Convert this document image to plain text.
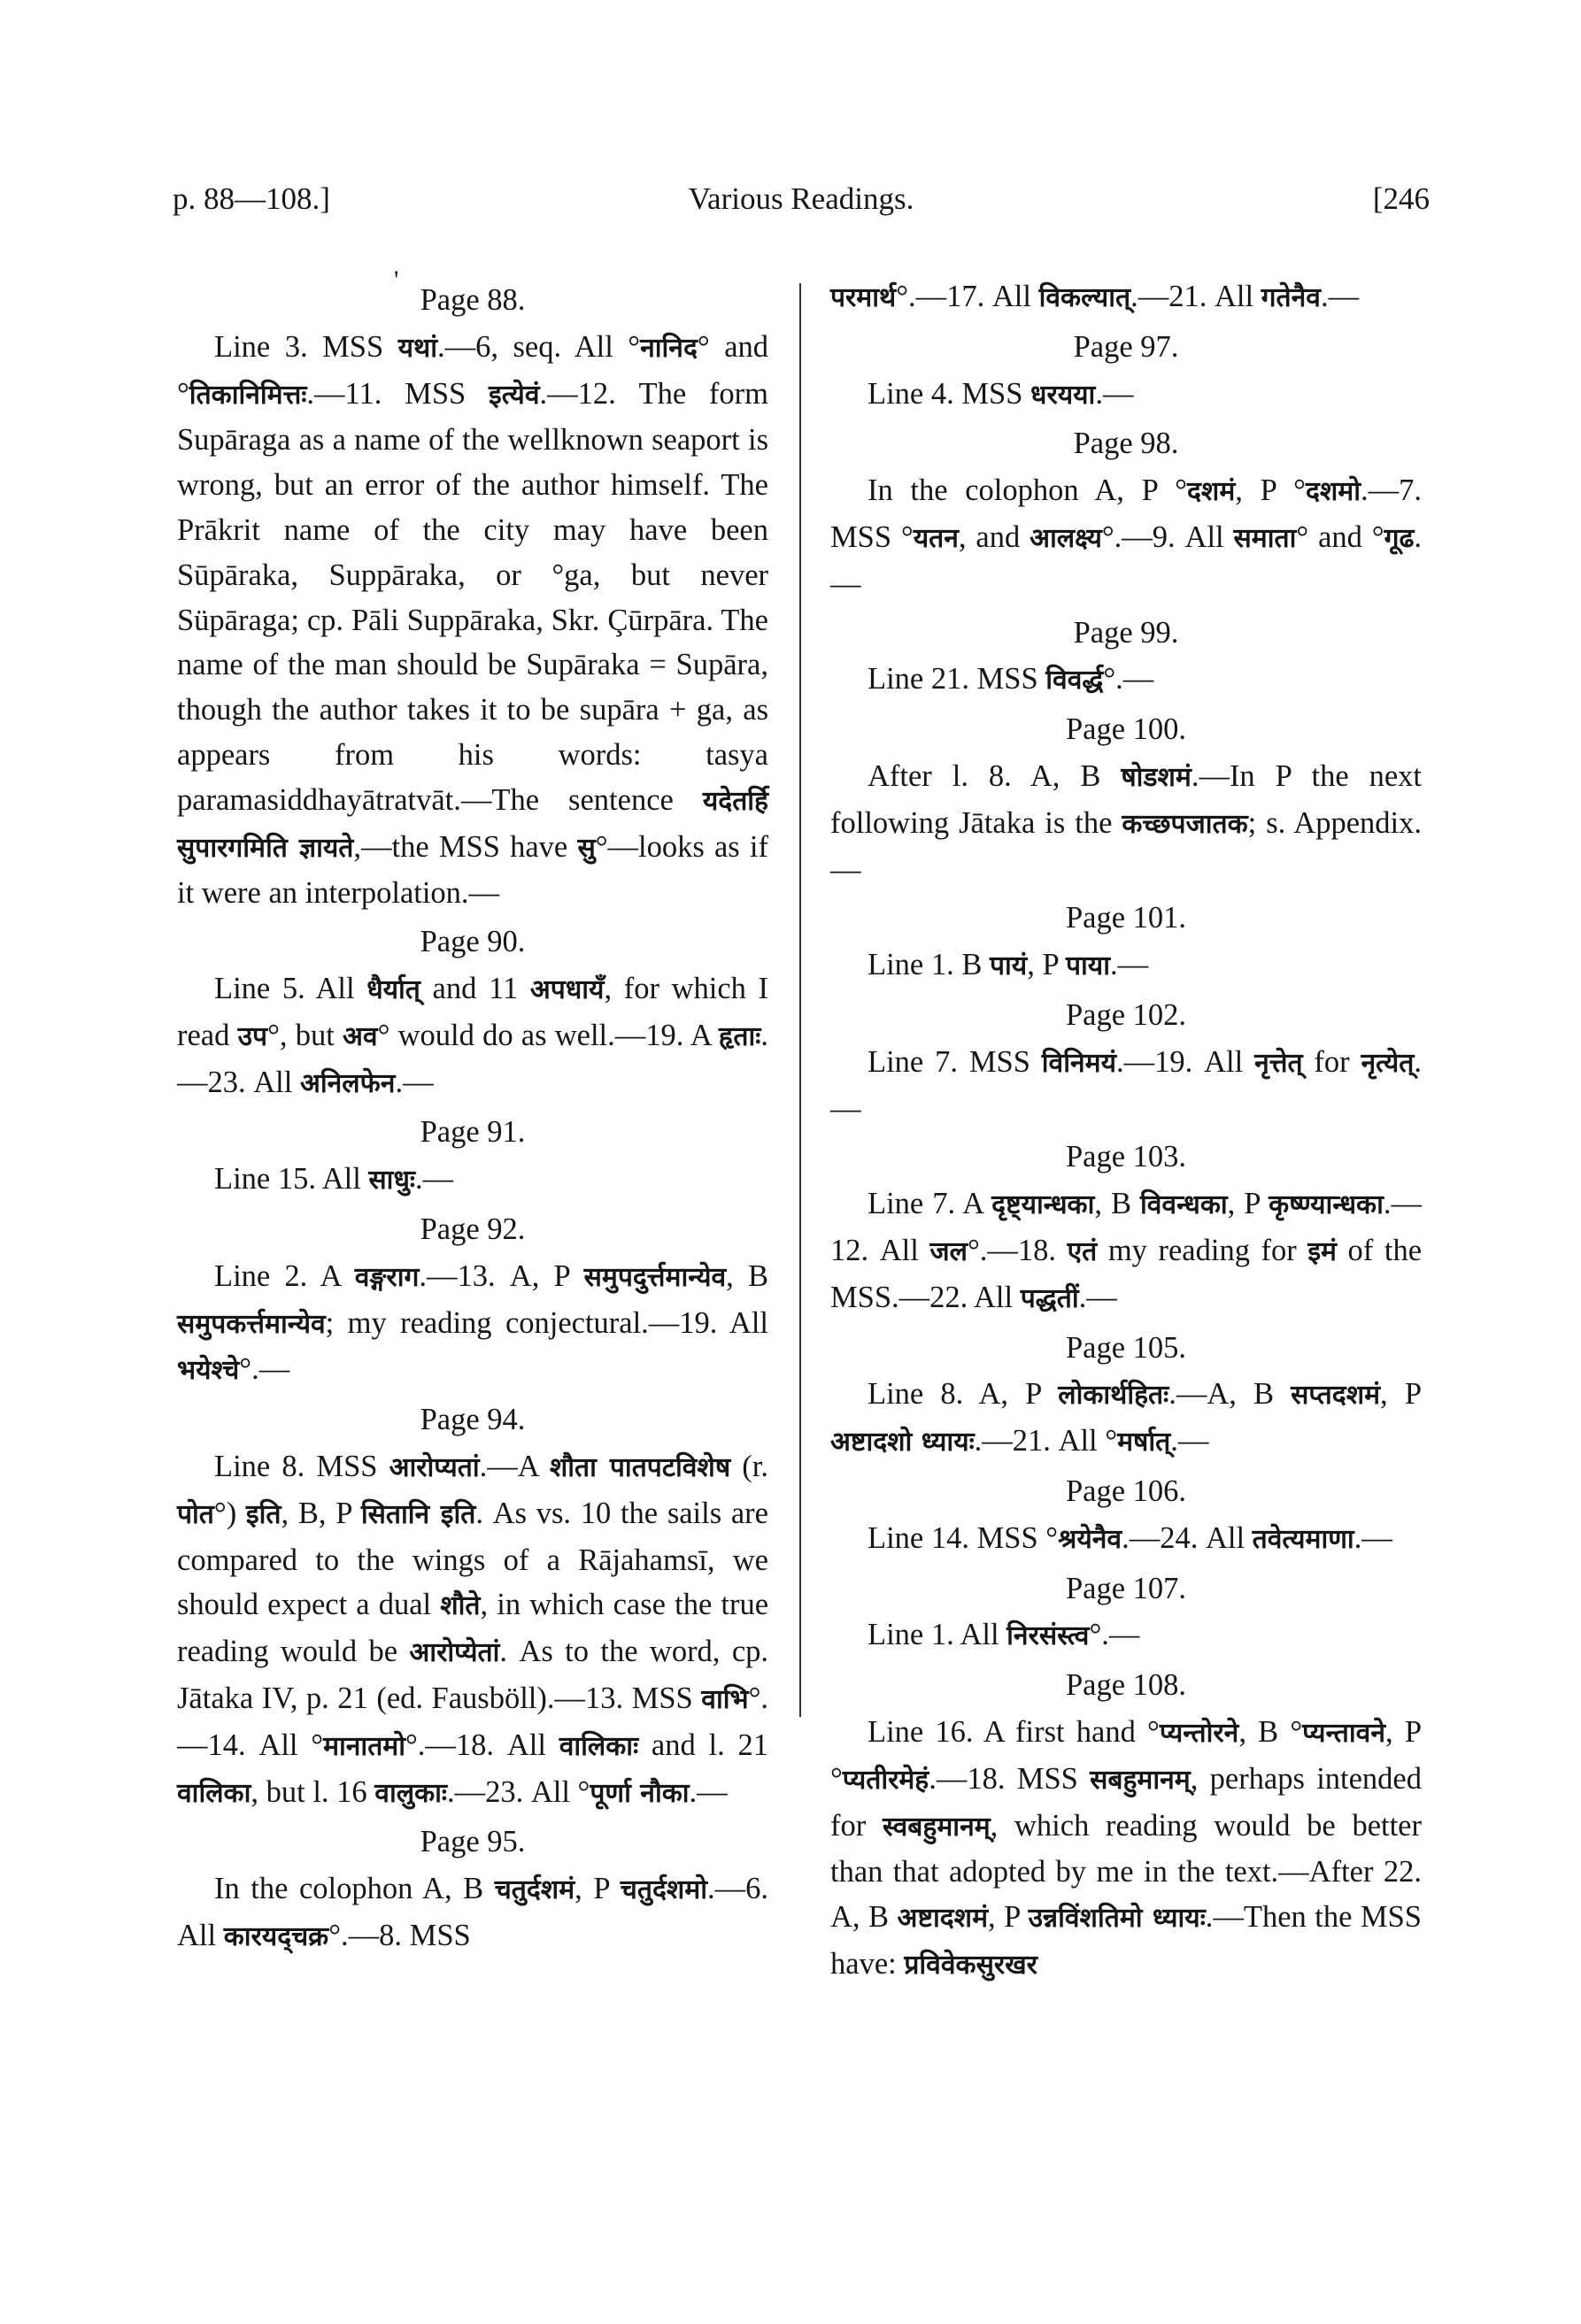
p. 88—108.]	Various Readings.	[246
'
Page 88.

Line 3. MSS यथां.—6, seq. All °नानिद° and °तिकानिमित्तः.—11. MSS इत्येवं.—12. The form Supāraga as a name of the wellknown seaport is wrong, but an error of the author himself. The Prākrit name of the city may have been Sūpāraka, Suppāraka, or °ga, but never Süpāraga; cp. Pāli Suppāraka, Skr. Çūrpāra. The name of the man should be Supāraka = Supāra, though the author takes it to be supāra + ga, as appears from his words: tasya paramasiddhayātratvāt.—The sentence यदेतर्हि सुपारगमिति ज्ञायते,—the MSS have सु°—looks as if it were an interpolation.—

Page 90.

Line 5. All धैर्यात् and 11 अपधायँ, for which I read उप°, but अव° would do as well.—19. A हृताः.—23. All अनिलफेन.—

Page 91.

Line 15. All साधुः.—

Page 92.

Line 2. A वङ्गराग.—13. A, P समुपदुर्त्तमान्येव, B समुपकर्त्तमान्येव; my reading conjectural.—19. All भयेश्चे°.—

Page 94.

Line 8. MSS आरोप्यतां.—A शौता पातपटविशेष (r. पोत°) इति, B, P सितानि इति. As vs. 10 the sails are compared to the wings of a Rājahamsī, we should expect a dual शौते, in which case the true reading would be आरोप्येतां. As to the word, cp. Jātaka IV, p. 21 (ed. Fausböll).—13. MSS वाभि°.—14. All °मानातमो°.—18. All वालिकाः and l. 21 वालिका, but l. 16 वालुकाः.—23. All °पूर्णा नौका.—

Page 95.

In the colophon A, B चतुर्दशमं, P चतुर्दशमो.—6. All कारयद्चक्र°.—8. MSS

परमार्थ°.—17. All विकल्यात्.—21. All गतेनैव.—

Page 97.

Line 4. MSS धरयया.—

Page 98.

In the colophon A, P °दशमं, P °दशमो.—7. MSS °यतन, and आलक्ष्य°.—9. All समाता° and °गूढ.—

Page 99.

Line 21. MSS विवर्द्ध°.—

Page 100.

After l. 8. A, B षोडशमं.—In P the next following Jātaka is the कच्छपजातक; s. Appendix.—

Page 101.

Line 1. B पायं, P पाया.—

Page 102.

Line 7. MSS विनिमयं.—19. All नृत्तेत् for नृत्येत्.—

Page 103.

Line 7. A दृष्ट्यान्धका, B विवन्धका, P कृष्ण्यान्धका.—12. All जल°.—18. एतं my reading for इमं of the MSS.—22. All पद्धतीं.—

Page 105.

Line 8. A, P लोकार्थहितः.—A, B सप्तदशमं, P अष्टादशो ध्यायः.—21. All °मर्षात्.—

Page 106.

Line 14. MSS °श्रयेनैव.—24. All तवेत्यमाणा.—

Page 107.

Line 1. All निरसंस्त्व°.—

Page 108.

Line 16. A first hand °प्यन्तोरने, B °प्यन्तावने, P °प्यतीरमेहं.—18. MSS सबहुमानम्, perhaps intended for स्वबहुमानम्, which reading would be better than that adopted by me in the text.—After 22. A, B अष्टादशमं, P उन्नविंशतिमो ध्यायः.—Then the MSS have: प्रविवेकसुरखर
